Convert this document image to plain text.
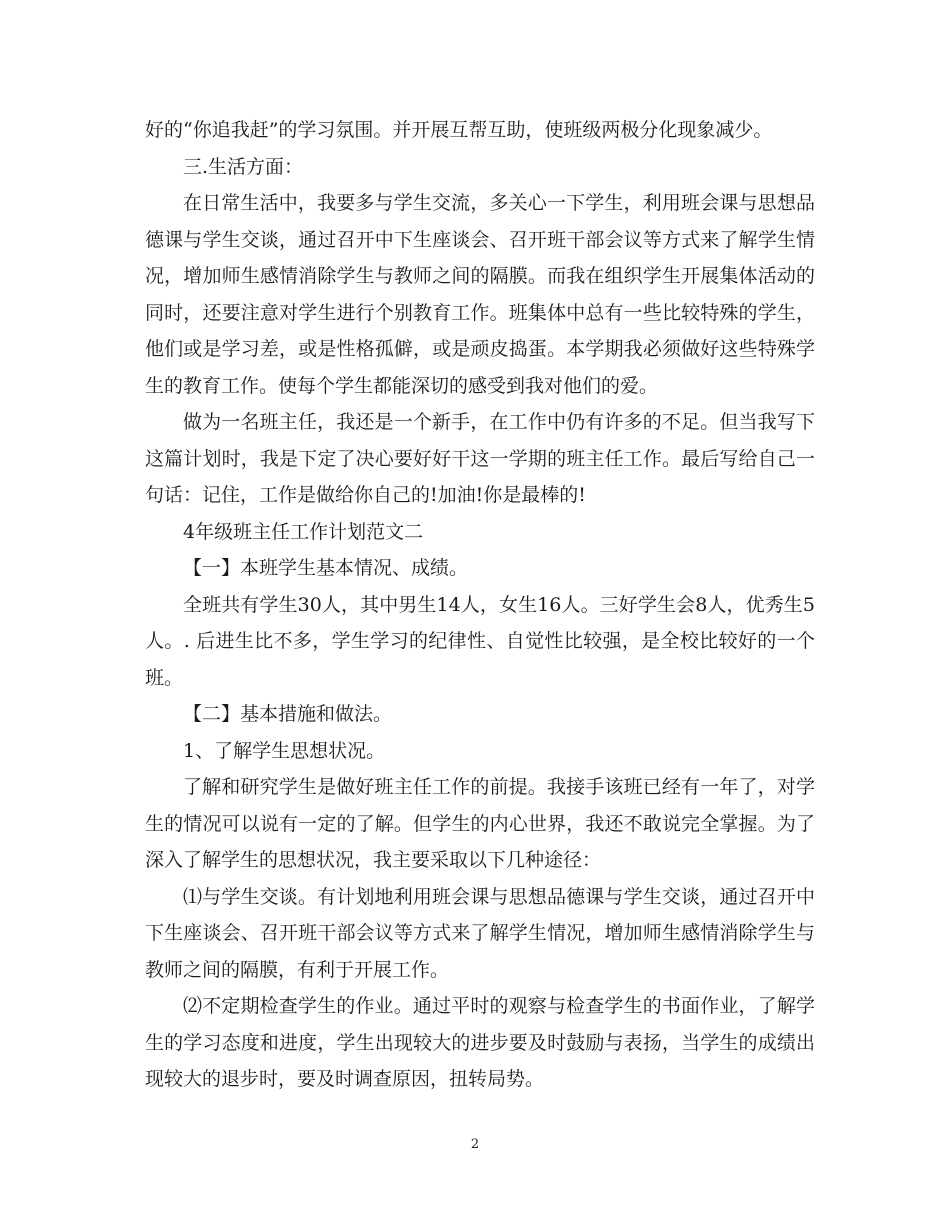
好的“你追我赶”的学习氛围。并开展互帮互助，使班级两极分化现象减少。

三.生活方面：

在日常生活中，我要多与学生交流，多关心一下学生，利用班会课与思想品德课与学生交谈，通过召开中下生座谈会、召开班干部会议等方式来了解学生情况，增加师生感情消除学生与教师之间的隔膜。而我在组织学生开展集体活动的同时，还要注意对学生进行个别教育工作。班集体中总有一些比较特殊的学生，他们或是学习差，或是性格孤僻，或是顽皮捣蛋。本学期我必须做好这些特殊学生的教育工作。使每个学生都能深切的感受到我对他们的爱。

做为一名班主任，我还是一个新手，在工作中仍有许多的不足。但当我写下这篇计划时，我是下定了决心要好好干这一学期的班主任工作。最后写给自己一句话：记住，工作是做给你自己的!加油!你是最棒的!

4年级班主任工作计划范文二

【一】本班学生基本情况、成绩。

全班共有学生30人，其中男生14人，女生16人。三好学生会8人，优秀生5人。. 后进生比不多，学生学习的纪律性、自觉性比较强，是全校比较好的一个班。

【二】基本措施和做法。

1、了解学生思想状况。

了解和研究学生是做好班主任工作的前提。我接手该班已经有一年了，对学生的情况可以说有一定的了解。但学生的内心世界，我还不敢说完全掌握。为了深入了解学生的思想状况，我主要采取以下几种途径：

⑴与学生交谈。有计划地利用班会课与思想品德课与学生交谈，通过召开中下生座谈会、召开班干部会议等方式来了解学生情况，增加师生感情消除学生与教师之间的隔膜，有利于开展工作。

⑵不定期检查学生的作业。通过平时的观察与检查学生的书面作业，了解学生的学习态度和进度，学生出现较大的进步要及时鼓励与表扬，当学生的成绩出现较大的退步时，要及时调查原因，扭转局势。

2
